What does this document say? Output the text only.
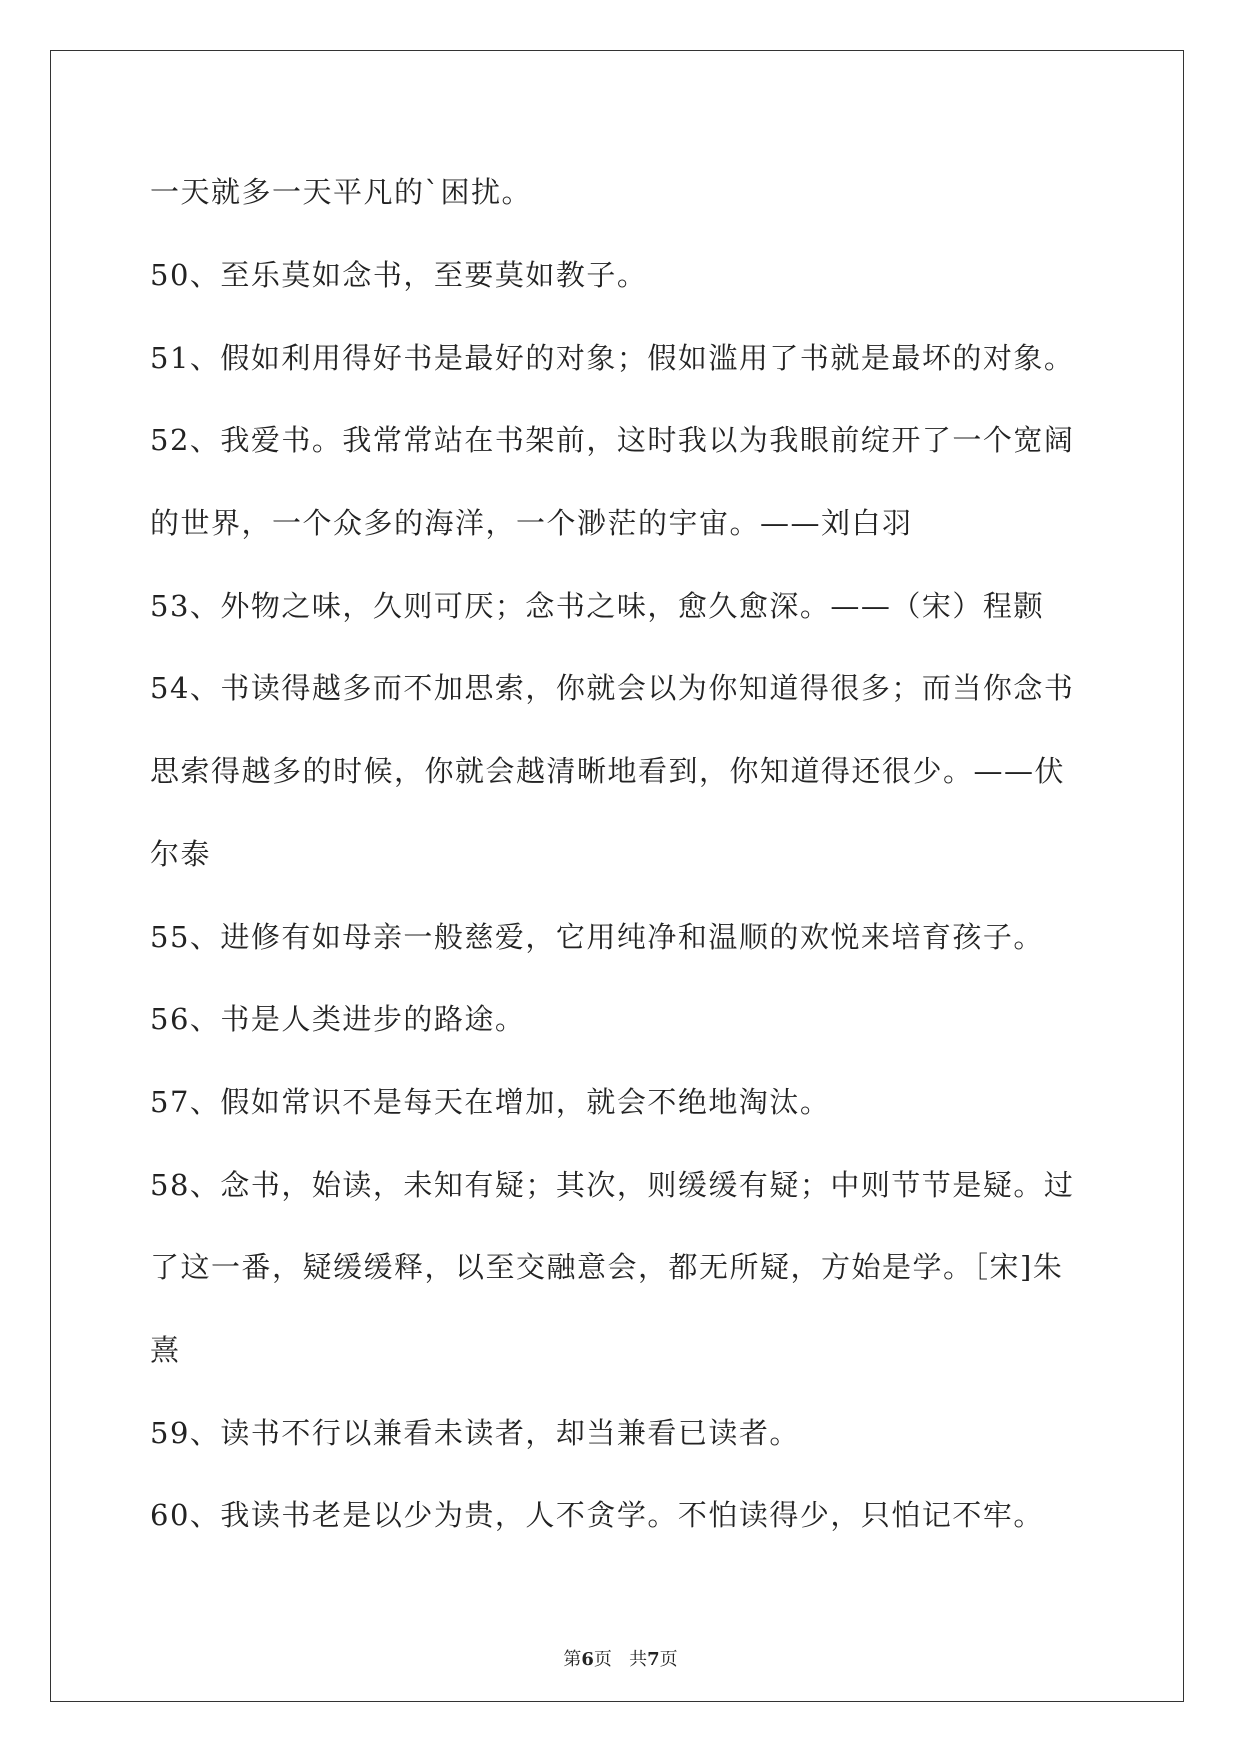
一天就多一天平凡的`困扰。
50、至乐莫如念书，至要莫如教子。
51、假如利用得好书是最好的对象；假如滥用了书就是最坏的对象。
52、我爱书。我常常站在书架前，这时我以为我眼前绽开了一个宽阔
的世界，一个众多的海洋，一个渺茫的宇宙。——刘白羽
53、外物之味，久则可厌；念书之味，愈久愈深。——（宋）程颢
54、书读得越多而不加思索，你就会以为你知道得很多；而当你念书
思索得越多的时候，你就会越清晰地看到，你知道得还很少。——伏
尔泰
55、进修有如母亲一般慈爱，它用纯净和温顺的欢悦来培育孩子。
56、书是人类进步的路途。
57、假如常识不是每天在增加，就会不绝地淘汰。
58、念书，始读，未知有疑；其次，则缓缓有疑；中则节节是疑。过
了这一番，疑缓缓释，以至交融意会，都无所疑，方始是学。［宋]朱
熹
59、读书不行以兼看未读者，却当兼看已读者。
60、我读书老是以少为贵，人不贪学。不怕读得少，只怕记不牢。
第6页 共7页
